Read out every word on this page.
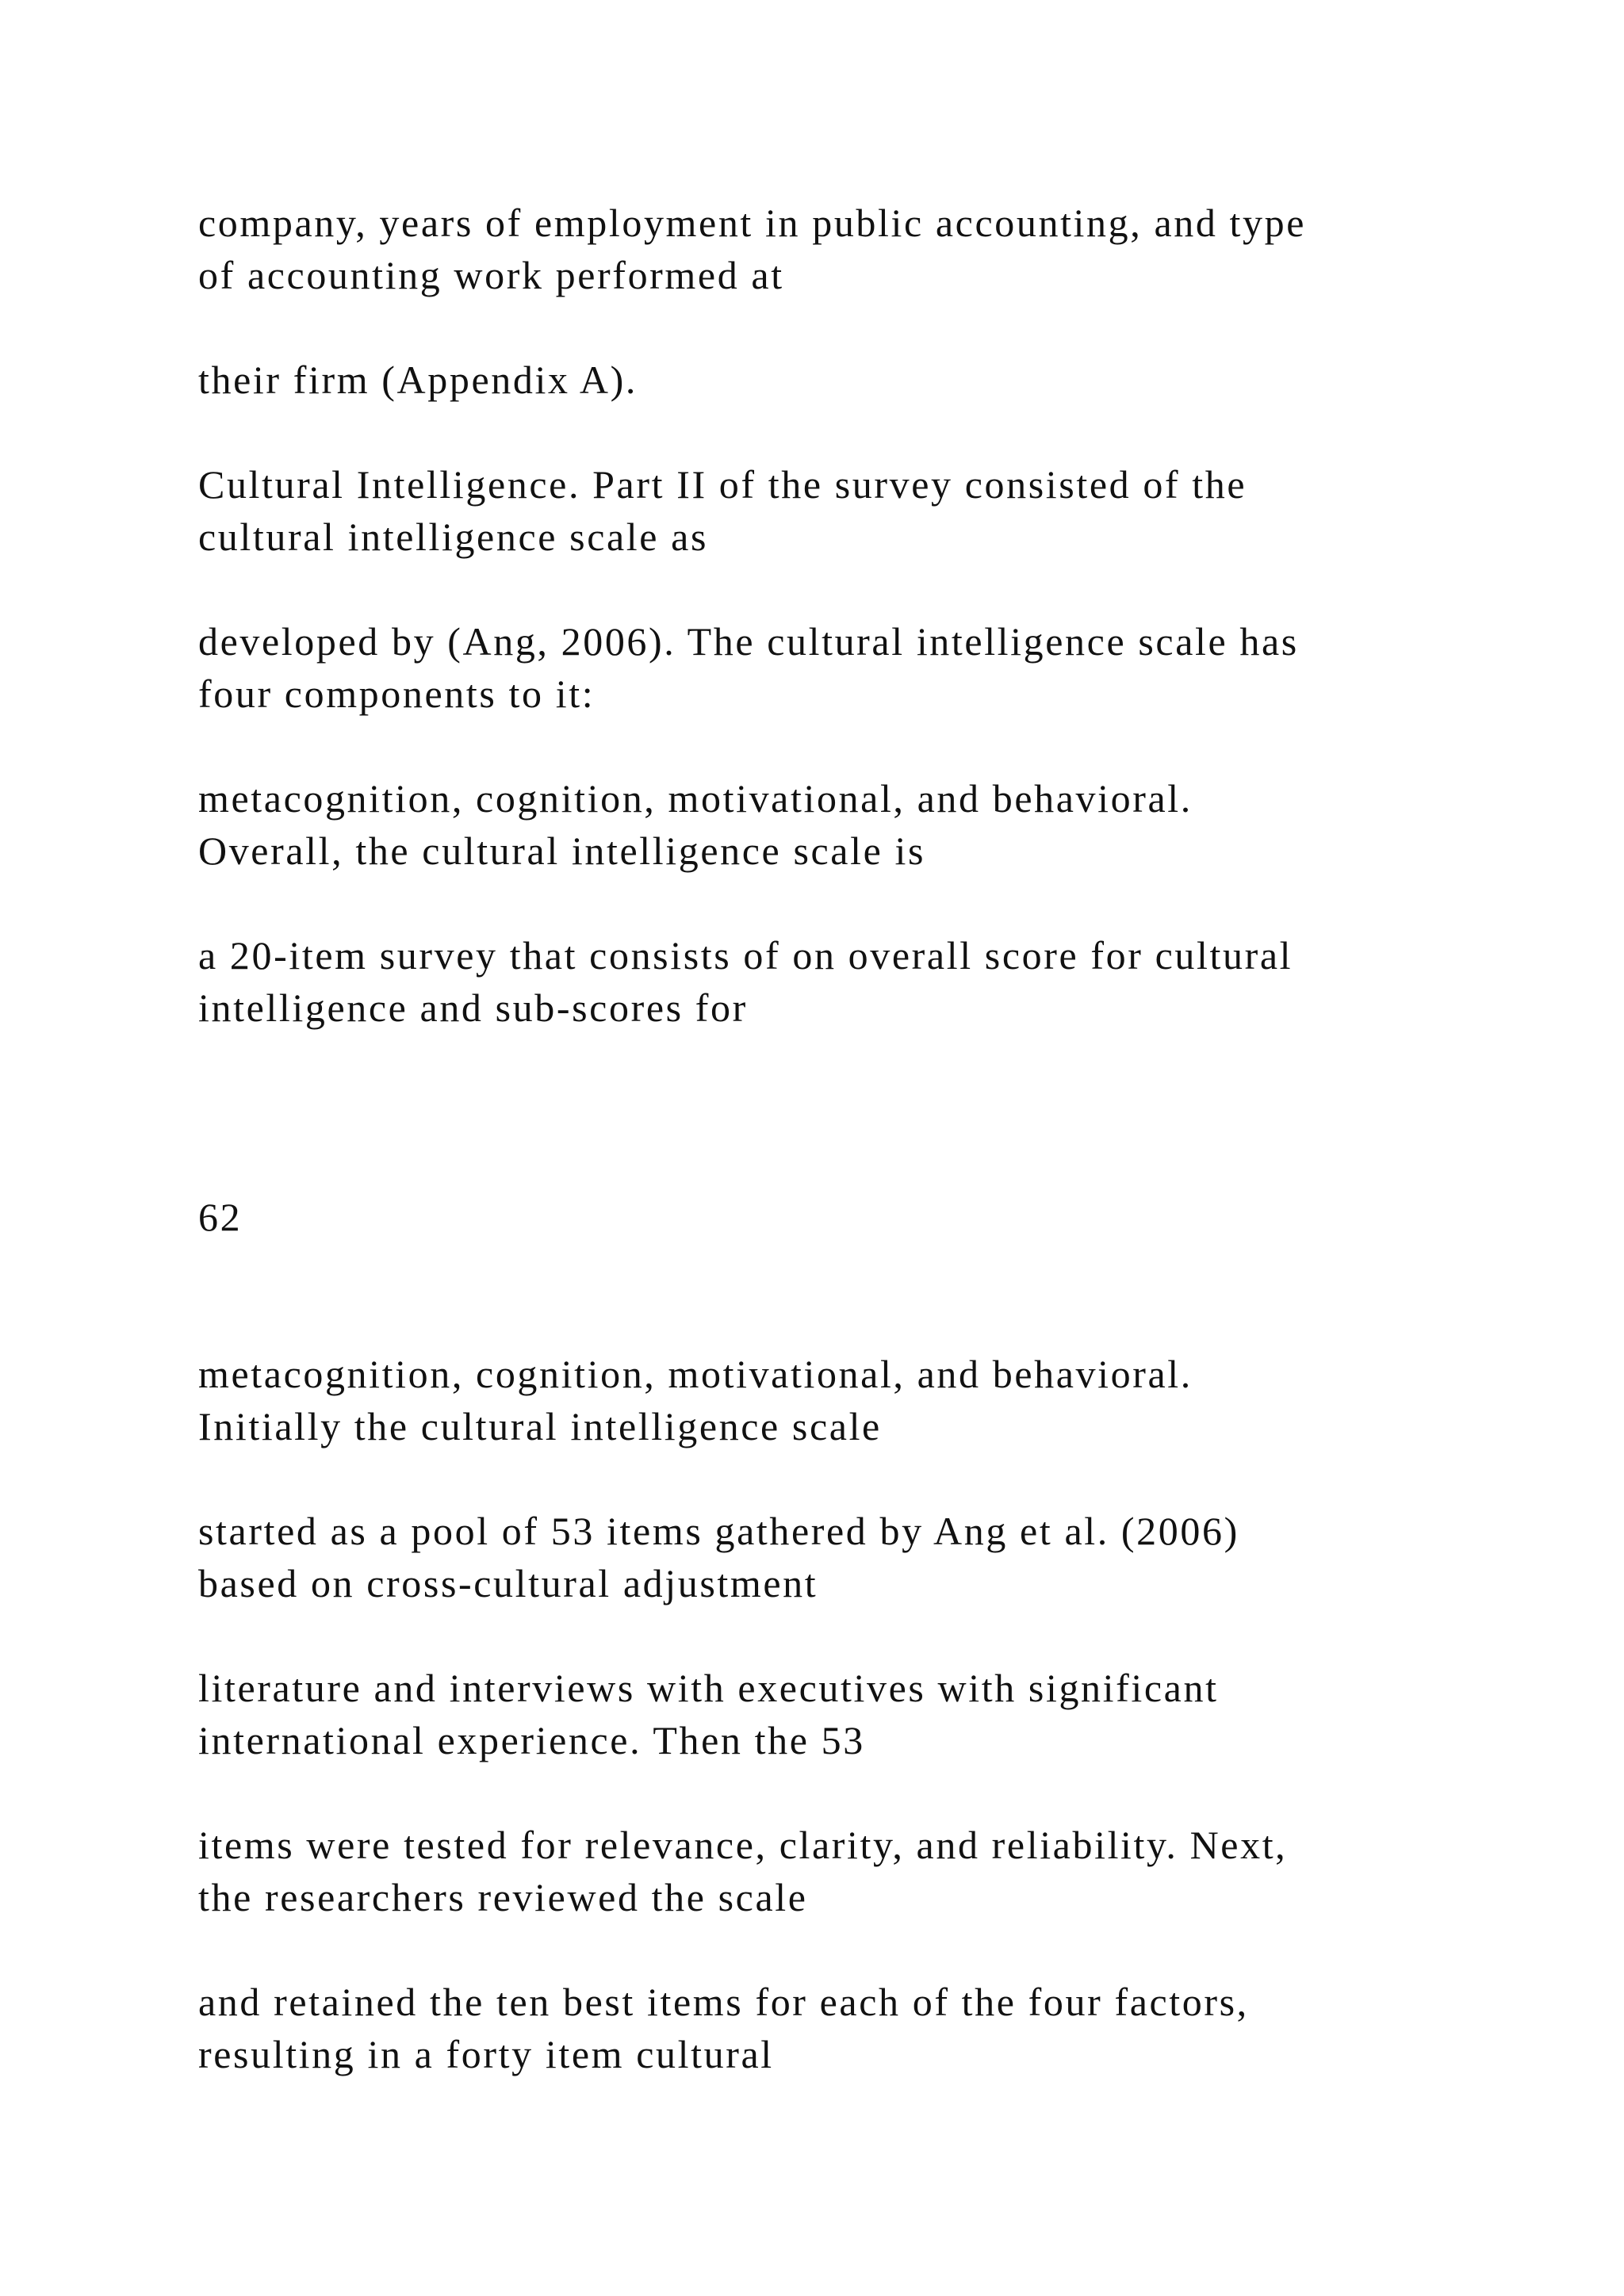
company, years of employment in public accounting, and type
of accounting work performed at

their firm (Appendix A).

Cultural Intelligence. Part II of the survey consisted of the
cultural intelligence scale as

developed by (Ang, 2006). The cultural intelligence scale has
four components to it:

metacognition, cognition, motivational, and behavioral.
Overall, the cultural intelligence scale is

a 20-item survey that consists of on overall score for cultural
intelligence and sub-scores for

62

metacognition, cognition, motivational, and behavioral.
Initially the cultural intelligence scale

started as a pool of 53 items gathered by Ang et al. (2006)
based on cross-cultural adjustment

literature and interviews with executives with significant
international experience. Then the 53

items were tested for relevance, clarity, and reliability. Next,
the researchers reviewed the scale

and retained the ten best items for each of the four factors,
resulting in a forty item cultural
